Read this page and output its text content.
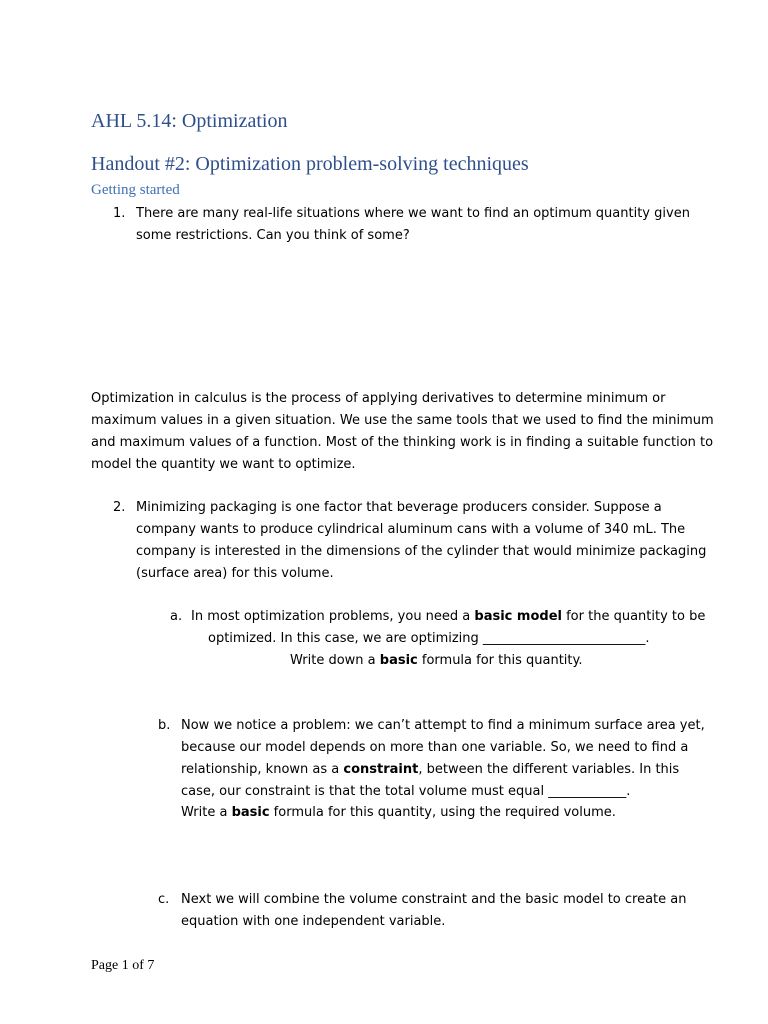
AHL 5.14: Optimization
Handout #2: Optimization problem-solving techniques
Getting started
1. There are many real-life situations where we want to find an optimum quantity given
some restrictions. Can you think of some?
Optimization in calculus is the process of applying derivatives to determine minimum or
maximum values in a given situation. We use the same tools that we used to find the minimum
and maximum values of a function. Most of the thinking work is in finding a suitable function to
model the quantity we want to optimize.
2. Minimizing packaging is one factor that beverage producers consider. Suppose a
company wants to produce cylindrical aluminum cans with a volume of 340 mL. The
company is interested in the dimensions of the cylinder that would minimize packaging
(surface area) for this volume.
a. In most optimization problems, you need a basic model for the quantity to be
optimized. In this case, we are optimizing _________________________.
Write down a basic formula for this quantity.
b. Now we notice a problem: we can’t attempt to find a minimum surface area yet,
because our model depends on more than one variable. So, we need to find a
relationship, known as a constraint, between the different variables. In this
case, our constraint is that the total volume must equal ____________.
Write a basic formula for this quantity, using the required volume.
c. Next we will combine the volume constraint and the basic model to create an
equation with one independent variable.
Page 1 of 7
